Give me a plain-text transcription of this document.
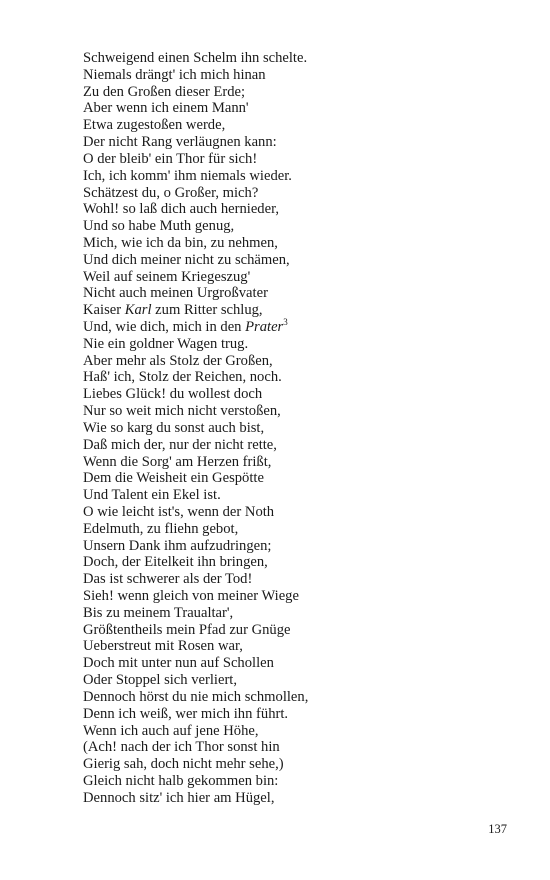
Schweigend einen Schelm ihn schelte.
Niemals drängt' ich mich hinan
Zu den Großen dieser Erde;
Aber wenn ich einem Mann'
Etwa zugestoßen werde,
Der nicht Rang verläugnen kann:
O der bleib' ein Thor für sich!
Ich, ich komm' ihm niemals wieder.
Schätzest du, o Großer, mich?
Wohl! so laß dich auch hernieder,
Und so habe Muth genug,
Mich, wie ich da bin, zu nehmen,
Und dich meiner nicht zu schämen,
Weil auf seinem Kriegeszug'
Nicht auch meinen Urgroßvater
Kaiser Karl zum Ritter schlug,
Und, wie dich, mich in den Prater$^3$
Nie ein goldner Wagen trug.
Aber mehr als Stolz der Großen,
Haß' ich, Stolz der Reichen, noch.
Liebes Glück! du wollest doch
Nur so weit mich nicht verstoßen,
Wie so karg du sonst auch bist,
Daß mich der, nur der nicht rette,
Wenn die Sorg' am Herzen frißt,
Dem die Weisheit ein Gespötte
Und Talent ein Ekel ist.
O wie leicht ist's, wenn der Noth
Edelmuth, zu fliehn gebot,
Unsern Dank ihm aufzudringen;
Doch, der Eitelkeit ihn bringen,
Das ist schwerer als der Tod!
Sieh! wenn gleich von meiner Wiege
Bis zu meinem Traualtar',
Größtentheils mein Pfad zur Gnüge
Ueberstreut mit Rosen war,
Doch mit unter nun auf Schollen
Oder Stoppel sich verliert,
Dennoch hörst du nie mich schmollen,
Denn ich weiß, wer mich ihn führt.
Wenn ich auch auf jene Höhe,
(Ach! nach der ich Thor sonst hin
Gierig sah, doch nicht mehr sehe,)
Gleich nicht halb gekommen bin:
Dennoch sitz' ich hier am Hügel,
137
